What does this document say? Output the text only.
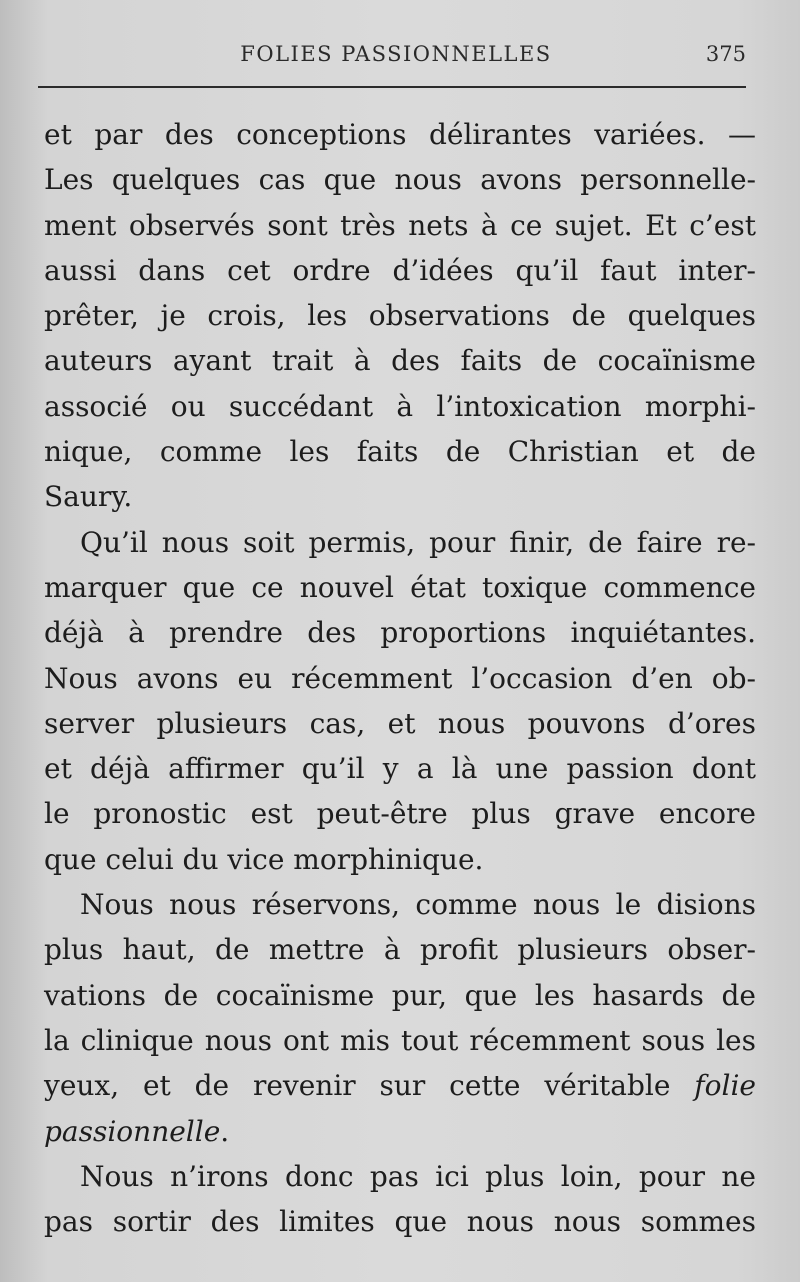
FOLIES PASSIONNELLES	375
et par des conceptions délirantes variées. —
Les quelques cas que nous avons personnelle-
ment observés sont très nets à ce sujet. Et c’est
aussi dans cet ordre d’idées qu’il faut inter-
prêter, je crois, les observations de quelques
auteurs ayant trait à des faits de cocaïnisme
associé ou succédant à l’intoxication morphi-
nique, comme les faits de Christian et de
Saury.
Qu’il nous soit permis, pour finir, de faire re-
marquer que ce nouvel état toxique commence
déjà à prendre des proportions inquiétantes.
Nous avons eu récemment l’occasion d’en ob-
server plusieurs cas, et nous pouvons d’ores
et déjà affirmer qu’il y a là une passion dont
le pronostic est peut-être plus grave encore
que celui du vice morphinique.
Nous nous réservons, comme nous le disions
plus haut, de mettre à profit plusieurs obser-
vations de cocaïnisme pur, que les hasards de
la clinique nous ont mis tout récemment sous les
yeux, et de revenir sur cette véritable folie
passionnelle.
Nous n’irons donc pas ici plus loin, pour ne
pas sortir des limites que nous nous sommes
